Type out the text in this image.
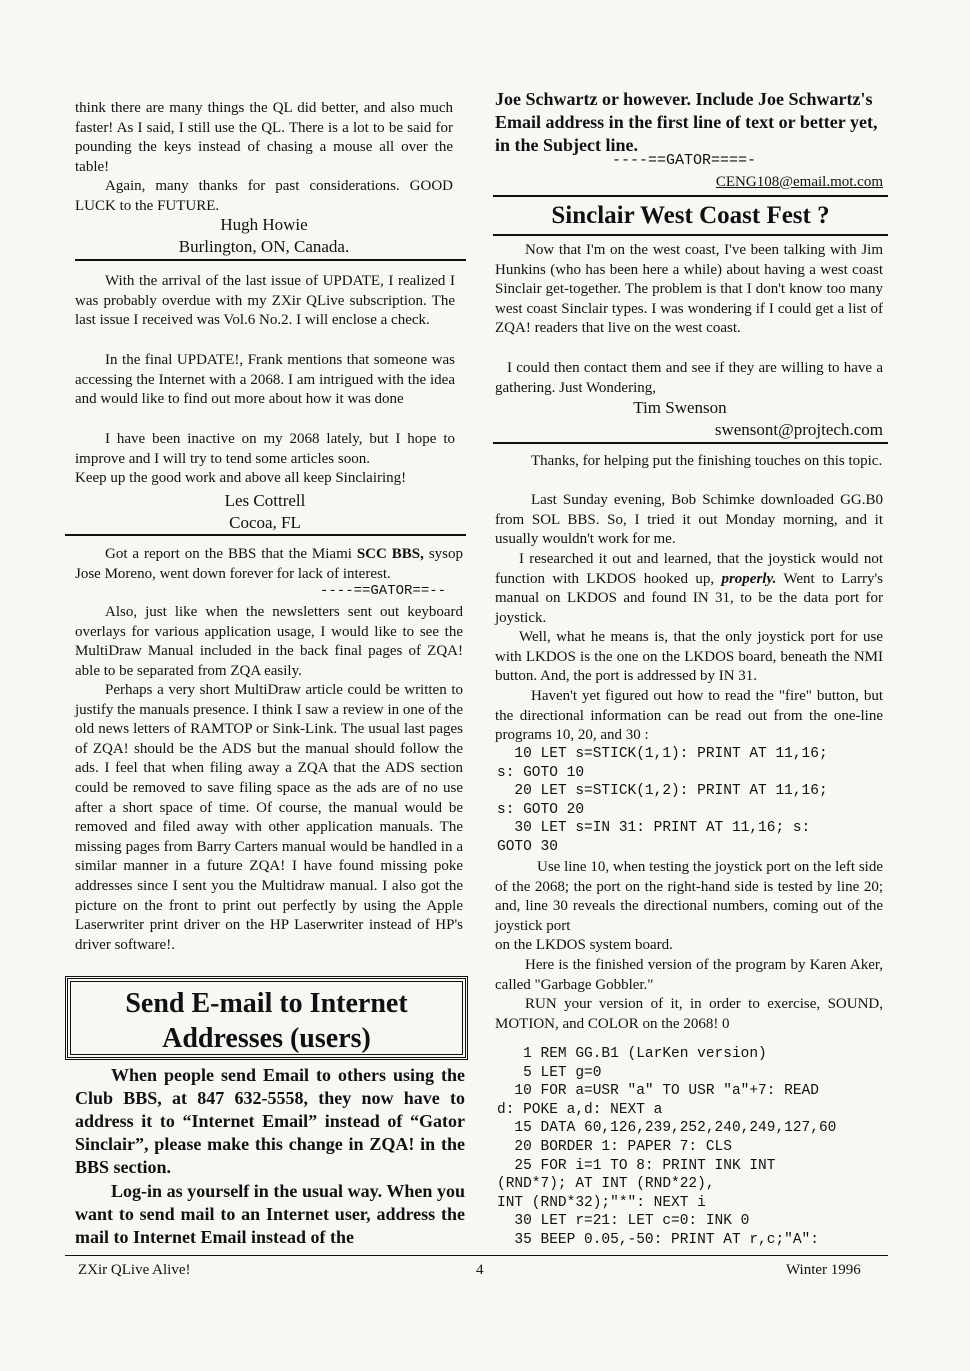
think there are many things the QL did better, and also much faster! As I said, I still use the QL. There is a lot to be said for pounding the keys instead of chasing a mouse all over the table!

Again, many thanks for past considerations. GOOD LUCK to the FUTURE.

Hugh Howie
Burlington, ON, Canada.

With the arrival of the last issue of UPDATE, I realized I was probably overdue with my ZXir QLive subscription. The last issue I received was Vol.6 No.2. I will enclose a check.

In the final UPDATE!, Frank mentions that someone was accessing the Internet with a 2068. I am intrigued with the idea and would like to find out more about how it was done

I have been inactive on my 2068 lately, but I hope to improve and I will try to tend some articles soon.

Keep up the good work and above all keep Sinclairing!

Les Cottrell
Cocoa, FL

Got a report on the BBS that the Miami SCC BBS, sysop Jose Moreno, went down forever for lack of interest.

----==GATOR==--

Also, just like when the newsletters sent out keyboard overlays for various application usage, I would like to see the MultiDraw Manual included in the back final pages of ZQA! able to be separated from ZQA easily.

Perhaps a very short MultiDraw article could be written to justify the manuals presence. I think I saw a review in one of the old news letters of RAMTOP or Sink-Link. The usual last pages of ZQA! should be the ADS but the manual should follow the ads. I feel that when filing away a ZQA that the ADS section could be removed to save filing space as the ads are of no use after a short space of time. Of course, the manual would be removed and filed away with other application manuals. The missing pages from Barry Carters manual would be handled in a similar manner in a future ZQA! I have found missing poke addresses since I sent you the Multidraw manual. I also got the picture on the front to print out perfectly by using the Apple Laserwriter print driver on the HP Laserwriter instead of HP's driver software!.

Send E-mail to Internet
Addresses (users)

When people send Email to others using the Club BBS, at 847 632-5558, they now have to address it to “Internet Email” instead of “Gator Sinclair”, please make this change in ZQA! in the BBS section.

Log-in as yourself in the usual way. When you want to send mail to an Internet user, address the mail to Internet Email instead of the

Joe Schwartz or however. Include Joe Schwartz's Email address in the first line of text or better yet, in the Subject line.

----==GATOR====-
CENG108@email.mot.com
Sinclair West Coast Fest ?

Now that I'm on the west coast, I've been talking with Jim Hunkins (who has been here a while) about having a west coast Sinclair get-together. The problem is that I don't know too many west coast Sinclair types. I was wondering if I could get a list of ZQA! readers that live on the west coast.

I could then contact them and see if they are willing to have a gathering. Just Wondering,

Tim Swenson
swensont@projtech.com

Thanks, for helping put the finishing touches on this topic.

Last Sunday evening, Bob Schimke downloaded GG.B0 from SOL BBS. So, I tried it out Monday morning, and it usually wouldn't work for me.

I researched it out and learned, that the joystick would not function with LKDOS hooked up, properly. Went to Larry's manual on LKDOS and found IN 31, to be the data port for joystick.

Well, what he means is, that the only joystick port for use with LKDOS is the one on the LKDOS board, beneath the NMI button. And, the port is addressed by IN 31.

Haven't yet figured out how to read the "fire" button, but the directional information can be read out from the one-line programs 10, 20, and 30 :

10 LET s=STICK(1,1): PRINT AT 11,16;
s: GOTO 10
20 LET s=STICK(1,2): PRINT AT 11,16;
s: GOTO 20
30 LET s=IN 31: PRINT AT 11,16; s:
GOTO 30

Use line 10, when testing the joystick port on the left side of the 2068; the port on the right-hand side is tested by line 20; and, line 30 reveals the directional numbers, coming out of the joystick port

on the LKDOS system board.

Here is the finished version of the program by Karen Aker, called "Garbage Gobbler."

RUN your version of it, in order to exercise, SOUND, MOTION, and COLOR on the 2068! 0

1 REM GG.B1 (LarKen version)
5 LET g=0
10 FOR a=USR "a" TO USR "a"+7: READ
d: POKE a,d: NEXT a
15 DATA 60,126,239,252,240,249,127,60
20 BORDER 1: PAPER 7: CLS
25 FOR i=1 TO 8: PRINT INK INT
(RND*7); AT INT (RND*22),
INT (RND*32);"*": NEXT i
30 LET r=21: LET c=0: INK 0
35 BEEP 0.05,-50: PRINT AT r,c;"A":
ZXir QLive Alive!	4	Winter 1996
